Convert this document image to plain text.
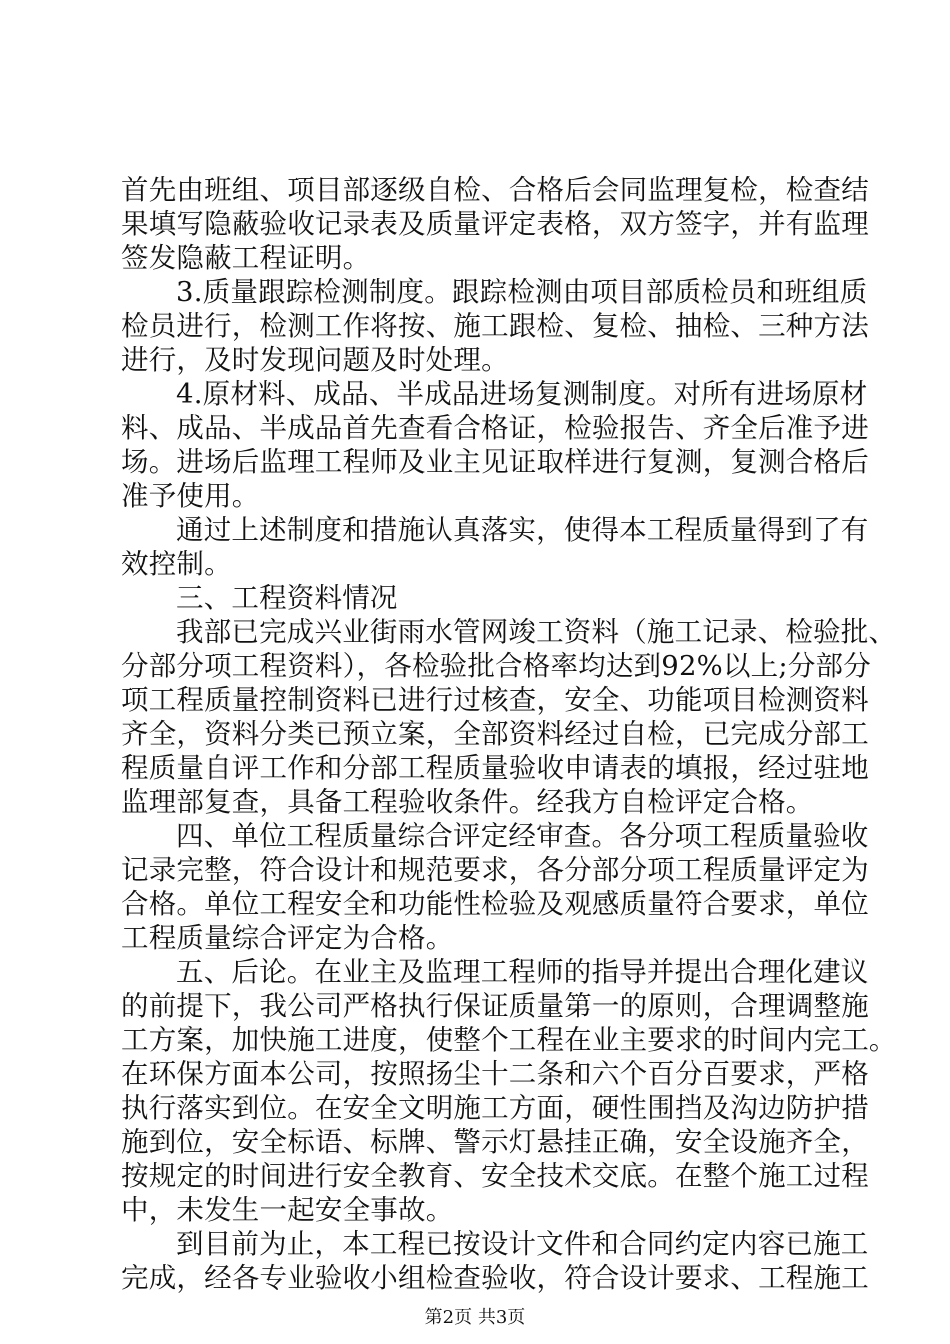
首先由班组、项目部逐级自检、合格后会同监理复检，检查结
果填写隐蔽验收记录表及质量评定表格，双方签字，并有监理
签发隐蔽工程证明。
3.质量跟踪检测制度。跟踪检测由项目部质检员和班组质
检员进行，检测工作将按、施工跟检、复检、抽检、三种方法
进行，及时发现问题及时处理。
4.原材料、成品、半成品进场复测制度。对所有进场原材
料、成品、半成品首先查看合格证，检验报告、齐全后准予进
场。进场后监理工程师及业主见证取样进行复测，复测合格后
准予使用。
通过上述制度和措施认真落实，使得本工程质量得到了有
效控制。
三、工程资料情况
我部已完成兴业街雨水管网竣工资料（施工记录、检验批、
分部分项工程资料），各检验批合格率均达到92%以上;分部分
项工程质量控制资料已进行过核查，安全、功能项目检测资料
齐全，资料分类已预立案，全部资料经过自检，已完成分部工
程质量自评工作和分部工程质量验收申请表的填报，经过驻地
监理部复查，具备工程验收条件。经我方自检评定合格。
四、单位工程质量综合评定经审查。各分项工程质量验收
记录完整，符合设计和规范要求，各分部分项工程质量评定为
合格。单位工程安全和功能性检验及观感质量符合要求，单位
工程质量综合评定为合格。
五、后论。在业主及监理工程师的指导并提出合理化建议
的前提下，我公司严格执行保证质量第一的原则，合理调整施
工方案，加快施工进度，使整个工程在业主要求的时间内完工。
在环保方面本公司，按照扬尘十二条和六个百分百要求，严格
执行落实到位。在安全文明施工方面，硬性围挡及沟边防护措
施到位，安全标语、标牌、警示灯悬挂正确，安全设施齐全，
按规定的时间进行安全教育、安全技术交底。在整个施工过程
中，未发生一起安全事故。
到目前为止，本工程已按设计文件和合同约定内容已施工
完成，经各专业验收小组检查验收，符合设计要求、工程施工
第2页 共3页
